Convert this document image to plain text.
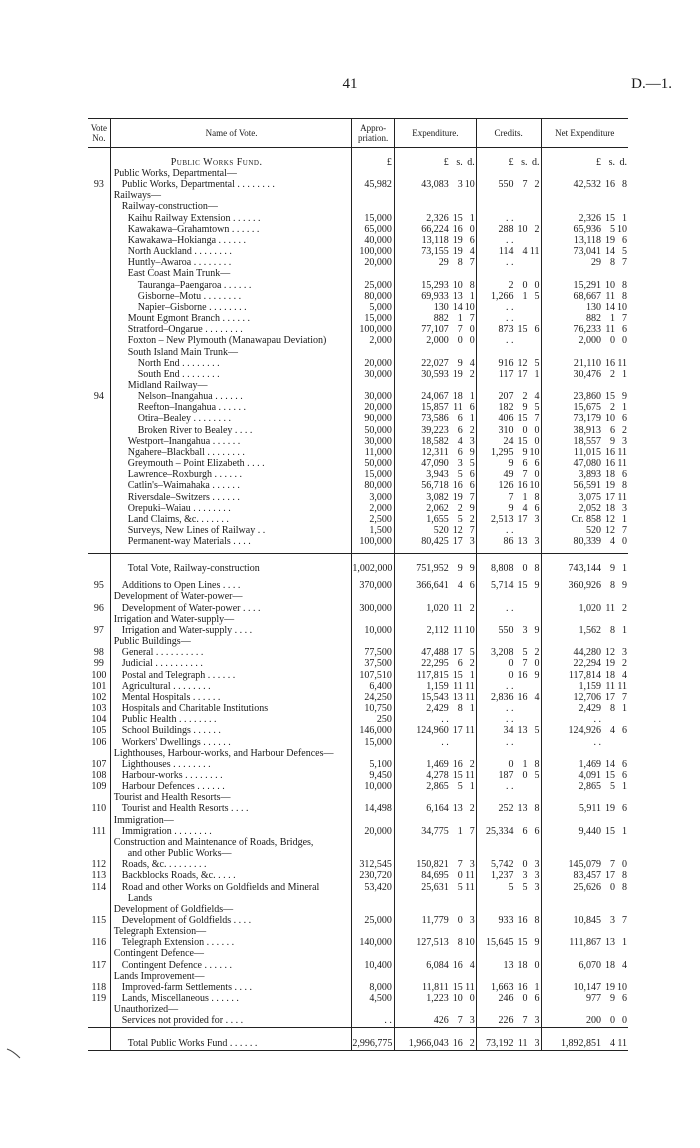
41	D.—1.
Vote No.	Name of Vote.	Appro- priation.	Expenditure.	Credits.	Net Expenditure
	Public Works Fund.	£	£ s. d.	£ s. d.	£ s. d.

	Public Works, Departmental—		

93	Public Works, Departmental . . . . . . . .	45,982	43,083 3 10	550 7 2	42,532 16 8

	Railways—		

	Railway-construction—		

	Kaihu Railway Extension . . . . . .	15,000	2,326 15 1	. .	2,326 15 1

	Kawakawa–Grahamtown . . . . . .	65,000	66,224 16 0	288 10 2	65,936 5 10

	Kawakawa–Hokianga . . . . . .	40,000	13,118 19 6	. .	13,118 19 6

	North Auckland . . . . . . . .	100,000	73,155 19 4	114 4 11	73,041 14 5

	Huntly–Awaroa . . . . . . . .	20,000	29 8 7	. .	29 8 7

	East Coast Main Trunk—		

	Tauranga–Paengaroa . . . . . .	25,000	15,293 10 8	2 0 0	15,291 10 8

	Gisborne–Motu . . . . . . . .	80,000	69,933 13 1	1,266 1 5	68,667 11 8

	Napier–Gisborne . . . . . . . .	5,000	130 14 10	. .	130 14 10

	Mount Egmont Branch . . . . . .	15,000	882 1 7	. .	882 1 7

	Stratford–Ongarue . . . . . . . .	100,000	77,107 7 0	873 15 6	76,233 11 6

	Foxton – New Plymouth (Manawapau Deviation)	2,000	2,000 0 0	. .	2,000 0 0

	South Island Main Trunk—		

	North End . . . . . . . .	20,000	22,027 9 4	916 12 5	21,110 16 11

	South End . . . . . . . .	30,000	30,593 19 2	117 17 1	30,476 2 1

	Midland Railway—		

94	Nelson–Inangahua . . . . . .	30,000	24,067 18 1	207 2 4	23,860 15 9

	Reefton–Inangahua . . . . . .	20,000	15,857 11 6	182 9 5	15,675 2 1

	Otira–Bealey . . . . . . . .	90,000	73,586 6 1	406 15 7	73,179 10 6

	Broken River to Bealey . . . .	50,000	39,223 6 2	310 0 0	38,913 6 2

	Westport–Inangahua . . . . . .	30,000	18,582 4 3	24 15 0	18,557 9 3

	Ngahere–Blackball . . . . . . . .	11,000	12,311 6 9	1,295 9 10	11,015 16 11

	Greymouth – Point Elizabeth . . . .	50,000	47,090 3 5	9 6 6	47,080 16 11

	Lawrence–Roxburgh . . . . . .	15,000	3,943 5 6	49 7 0	3,893 18 6

	Catlin's–Waimahaka . . . . . .	80,000	56,718 16 6	126 16 10	56,591 19 8

	Riversdale–Switzers . . . . . .	3,000	3,082 19 7	7 1 8	3,075 17 11

	Orepuki–Waiau . . . . . . . .	2,000	2,062 2 9	9 4 6	2,052 18 3

	Land Claims, &c. . . . . . .	2,500	1,655 5 2	2,513 17 3	Cr. 858 12 1

	Surveys, New Lines of Railway . .	1,500	520 12 7	. .	520 12 7

	Permanent-way Materials . . . .	100,000	80,425 17 3	86 13 3	80,339 4 0

	Total Vote, Railway-construction	1,002,000	751,952 9 9	8,808 0 8	743,144 9 1

95	Additions to Open Lines . . . .	370,000	366,641 4 6	5,714 15 9	360,926 8 9

	Development of Water-power—		

96	Development of Water-power . . . .	300,000	1,020 11 2	. .	1,020 11 2

	Irrigation and Water-supply—		

97	Irrigation and Water-supply . . . .	10,000	2,112 11 10	550 3 9	1,562 8 1

	Public Buildings—		

98	General . . . . . . . . . .	77,500	47,488 17 5	3,208 5 2	44,280 12 3

99	Judicial . . . . . . . . . .	37,500	22,295 6 2	0 7 0	22,294 19 2

100	Postal and Telegraph . . . . . .	107,510	117,815 15 1	0 16 9	117,814 18 4

101	Agricultural . . . . . . . .	6,400	1,159 11 11	. .	1,159 11 11

102	Mental Hospitals . . . . . .	24,250	15,543 13 11	2,836 16 4	12,706 17 7

103	Hospitals and Charitable Institutions	10,750	2,429 8 1	. .	2,429 8 1

104	Public Health . . . . . . . .	250	. .	. .	. .

105	School Buildings . . . . . .	146,000	124,960 17 11	34 13 5	124,926 4 6

106	Workers' Dwellings . . . . . .	15,000	. .	. .	. .

	Lighthouses, Harbour-works, and Harbour Defences—		

107	Lighthouses . . . . . . . .	5,100	1,469 16 2	0 1 8	1,469 14 6

108	Harbour-works . . . . . . . .	9,450	4,278 15 11	187 0 5	4,091 15 6

109	Harbour Defences . . . . . .	10,000	2,865 5 1	. .	2,865 5 1

	Tourist and Health Resorts—		

110	Tourist and Health Resorts . . . .	14,498	6,164 13 2	252 13 8	5,911 19 6

	Immigration—		

111	Immigration . . . . . . . .	20,000	34,775 1 7	25,334 6 6	9,440 15 1

	Construction and Maintenance of Roads, Bridges,		

	and other Public Works—		

112	Roads, &c. . . . . . . . .	312,545	150,821 7 3	5,742 0 3	145,079 7 0

113	Backblocks Roads, &c. . . . .	230,720	84,695 0 11	1,237 3 3	83,457 17 8

114	Road and other Works on Goldfields and Mineral	53,420	25,631 5 11	5 5 3	25,626 0 8

	Lands		

	Development of Goldfields—		

115	Development of Goldfields . . . .	25,000	11,779 0 3	933 16 8	10,845 3 7

	Telegraph Extension—		

116	Telegraph Extension . . . . . .	140,000	127,513 8 10	15,645 15 9	111,867 13 1

	Contingent Defence—		

117	Contingent Defence . . . . . .	10,400	6,084 16 4	13 18 0	6,070 18 4

	Lands Improvement—		

118	Improved-farm Settlements . . . .	8,000	11,811 15 11	1,663 16 1	10,147 19 10

119	Lands, Miscellaneous . . . . . .	4,500	1,223 10 0	246 0 6	977 9 6

	Unauthorized—		

	Services not provided for . . . .	. .	426 7 3	226 7 3	200 0 0

	Total Public Works Fund . . . . . .	2,996,775	1,966,043 16 2	73,192 11 3	1,892,851 4 11
